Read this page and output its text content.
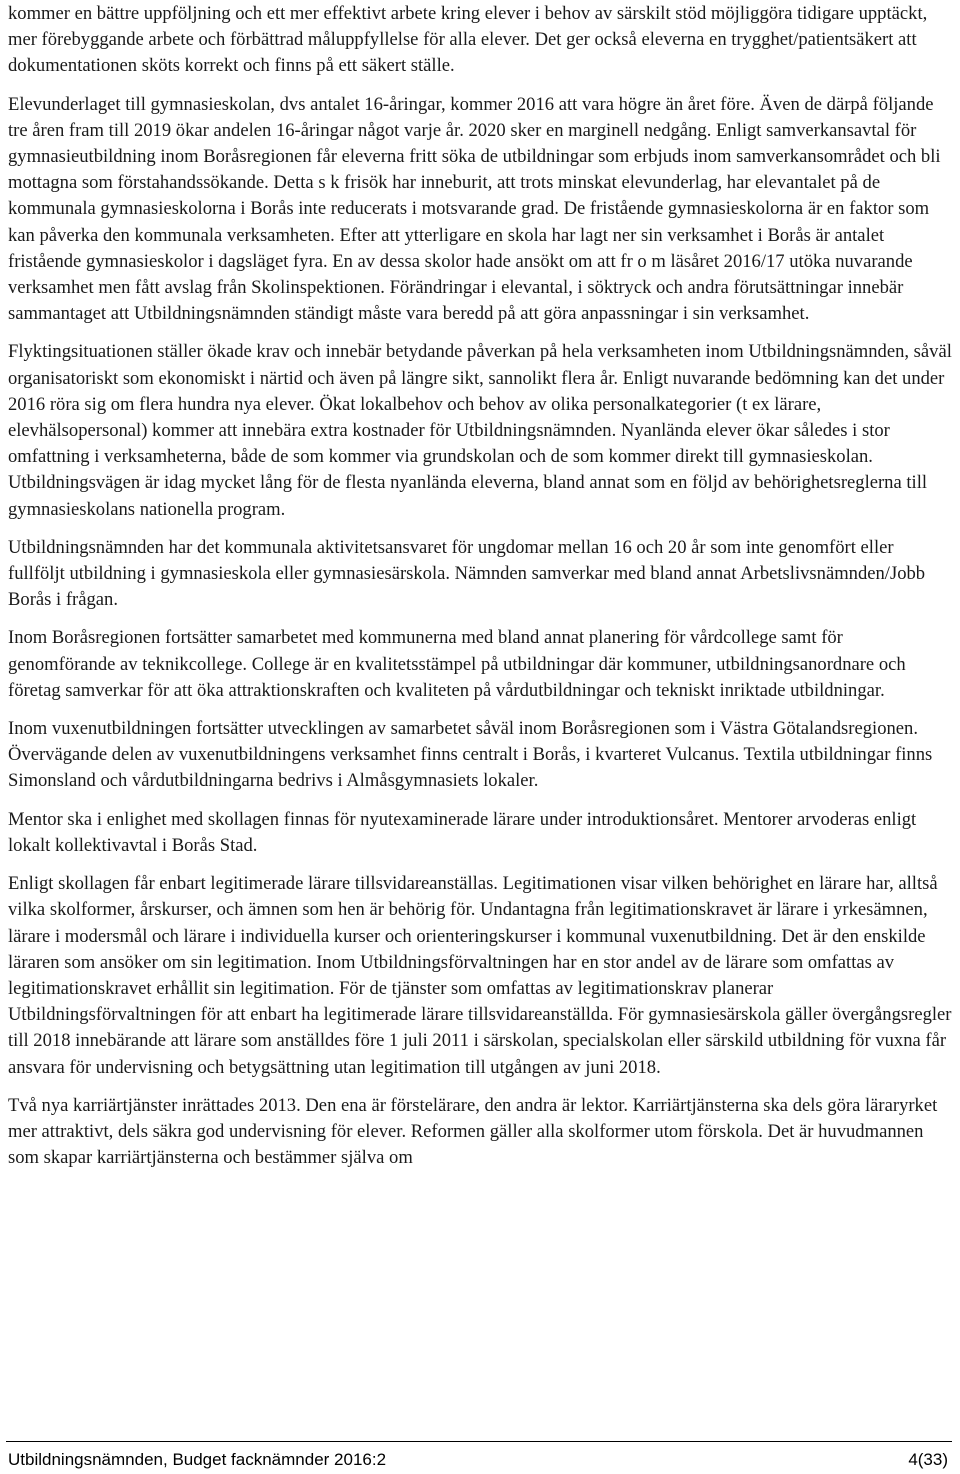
kommer en bättre uppföljning och ett mer effektivt arbete kring elever i behov av särskilt stöd möjliggöra tidigare upptäckt, mer förebyggande arbete och förbättrad måluppfyllelse för alla elever. Det ger också eleverna en trygghet/patientsäkert att dokumentationen sköts korrekt och finns på ett säkert ställe.

Elevunderlaget till gymnasieskolan, dvs antalet 16-åringar, kommer 2016 att vara högre än året före. Även de därpå följande tre åren fram till 2019 ökar andelen 16-åringar något varje år. 2020 sker en marginell nedgång. Enligt samverkansavtal för gymnasieutbildning inom Boråsregionen får eleverna fritt söka de utbildningar som erbjuds inom samverkansområdet och bli mottagna som förstahandssökande. Detta s k frisök har inneburit, att trots minskat elevunderlag, har elevantalet på de kommunala gymnasieskolorna i Borås inte reducerats i motsvarande grad. De fristående gymnasieskolorna är en faktor som kan påverka den kommunala verksamheten. Efter att ytterligare en skola har lagt ner sin verksamhet i Borås är antalet fristående gymnasieskolor i dagsläget fyra. En av dessa skolor hade ansökt om att fr o m läsåret 2016/17 utöka nuvarande verksamhet men fått avslag från Skolinspektionen. Förändringar i elevantal, i söktryck och andra förutsättningar innebär sammantaget att Utbildningsnämnden ständigt måste vara beredd på att göra anpassningar i sin verksamhet.

Flyktingsituationen ställer ökade krav och innebär betydande påverkan på hela verksamheten inom Utbildningsnämnden, såväl organisatoriskt som ekonomiskt i närtid och även på längre sikt, sannolikt flera år. Enligt nuvarande bedömning kan det under 2016 röra sig om flera hundra nya elever. Ökat lokalbehov och behov av olika personalkategorier (t ex lärare, elevhälsopersonal) kommer att innebära extra kostnader för Utbildningsnämnden. Nyanlända elever ökar således i stor omfattning i verksamheterna, både de som kommer via grundskolan och de som kommer direkt till gymnasieskolan. Utbildningsvägen är idag mycket lång för de flesta nyanlända eleverna, bland annat som en följd av behörighetsreglerna till gymnasieskolans nationella program.

Utbildningsnämnden har det kommunala aktivitetsansvaret för ungdomar mellan 16 och 20 år som inte genomfört eller fullföljt utbildning i gymnasieskola eller gymnasiesärskola. Nämnden samverkar med bland annat Arbetslivsnämnden/Jobb Borås i frågan.

Inom Boråsregionen fortsätter samarbetet med kommunerna med bland annat planering för vårdcollege samt för genomförande av teknikcollege. College är en kvalitetsstämpel på utbildningar där kommuner, utbildningsanordnare och företag samverkar för att öka attraktionskraften och kvaliteten på vårdutbildningar och tekniskt inriktade utbildningar.

Inom vuxenutbildningen fortsätter utvecklingen av samarbetet såväl inom Boråsregionen som i Västra Götalandsregionen. Övervägande delen av vuxenutbildningens verksamhet finns centralt i Borås, i kvarteret Vulcanus. Textila utbildningar finns Simonsland och vårdutbildningarna bedrivs i Almåsgymnasiets lokaler.

Mentor ska i enlighet med skollagen finnas för nyutexaminerade lärare under introduktionsåret. Mentorer arvoderas enligt lokalt kollektivavtal i Borås Stad.

Enligt skollagen får enbart legitimerade lärare tillsvidareanställas. Legitimationen visar vilken behörighet en lärare har, alltså vilka skolformer, årskurser, och ämnen som hen är behörig för. Undantagna från legitimationskravet är lärare i yrkesämnen, lärare i modersmål och lärare i individuella kurser och orienteringskurser i kommunal vuxenutbildning. Det är den enskilde läraren som ansöker om sin legitimation. Inom Utbildningsförvaltningen har en stor andel av de lärare som omfattas av legitimationskravet erhållit sin legitimation. För de tjänster som omfattas av legitimationskrav planerar Utbildningsförvaltningen för att enbart ha legitimerade lärare tillsvidareanställda. För gymnasiesärskola gäller övergångsregler till 2018 innebärande att lärare som anställdes före 1 juli 2011 i särskolan, specialskolan eller särskild utbildning för vuxna får ansvara för undervisning och betygsättning utan legitimation till utgången av juni 2018.

Två nya karriärtjänster inrättades 2013. Den ena är förstelärare, den andra är lektor. Karriärtjänsterna ska dels göra läraryrket mer attraktivt, dels säkra god undervisning för elever. Reformen gäller alla skolformer utom förskola. Det är huvudmannen som skapar karriärtjänsterna och bestämmer själva om

Utbildningsnämnden, Budget facknämnder 2016:2	4(33)
